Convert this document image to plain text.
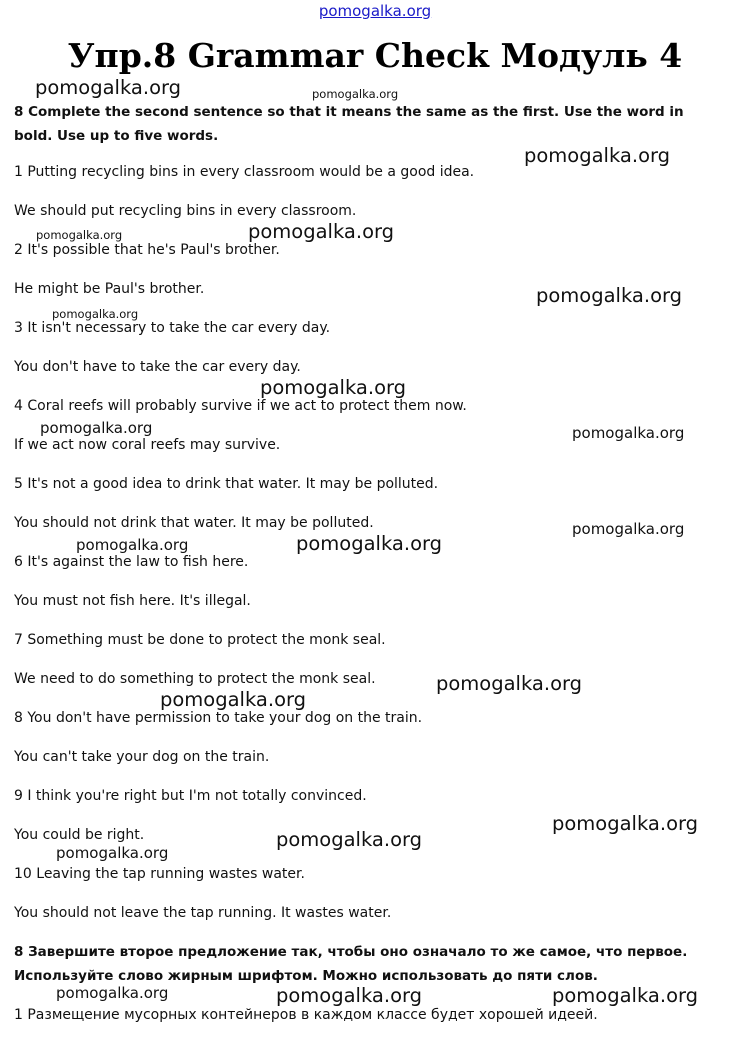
pomogalka.org
Упр.8 Grammar Check Модуль 4
8 Complete the second sentence so that it means the same as the first. Use the word in bold. Use up to five words.
1 Putting recycling bins in every classroom would be a good idea.
We should put recycling bins in every classroom.
2 It's possible that he's Paul's brother.
He might be Paul's brother.
3 It isn't necessary to take the car every day.
You don't have to take the car every day.
4 Coral reefs will probably survive if we act to protect them now.
If we act now coral reefs may survive.
5 It's not a good idea to drink that water. It may be polluted.
You should not drink that water. It may be polluted.
6 It's against the law to fish here.
You must not fish here. It's illegal.
7 Something must be done to protect the monk seal.
We need to do something to protect the monk seal.
8 You don't have permission to take your dog on the train.
You can't take your dog on the train.
9 I think you're right but I'm not totally convinced.
You could be right.
10 Leaving the tap running wastes water.
You should not leave the tap running. It wastes water.
8 Завершите второе предложение так, чтобы оно означало то же самое, что первое.
Используйте слово жирным шрифтом. Можно использовать до пяти слов.
1 Размещение мусорных контейнеров в каждом классе будет хорошей идеей.
pomogalka.org	pomogalka.org
pomogalka.org
pomogalka.org
pomogalka.org
pomogalka.org
pomogalka.org
pomogalka.org
pomogalka.org	pomogalka.org
pomogalka.org
pomogalka.org
pomogalka.org
pomogalka.org
pomogalka.org
pomogalka.org
pomogalka.org
pomogalka.org
pomogalka.org	pomogalka.org	pomogalka.org
